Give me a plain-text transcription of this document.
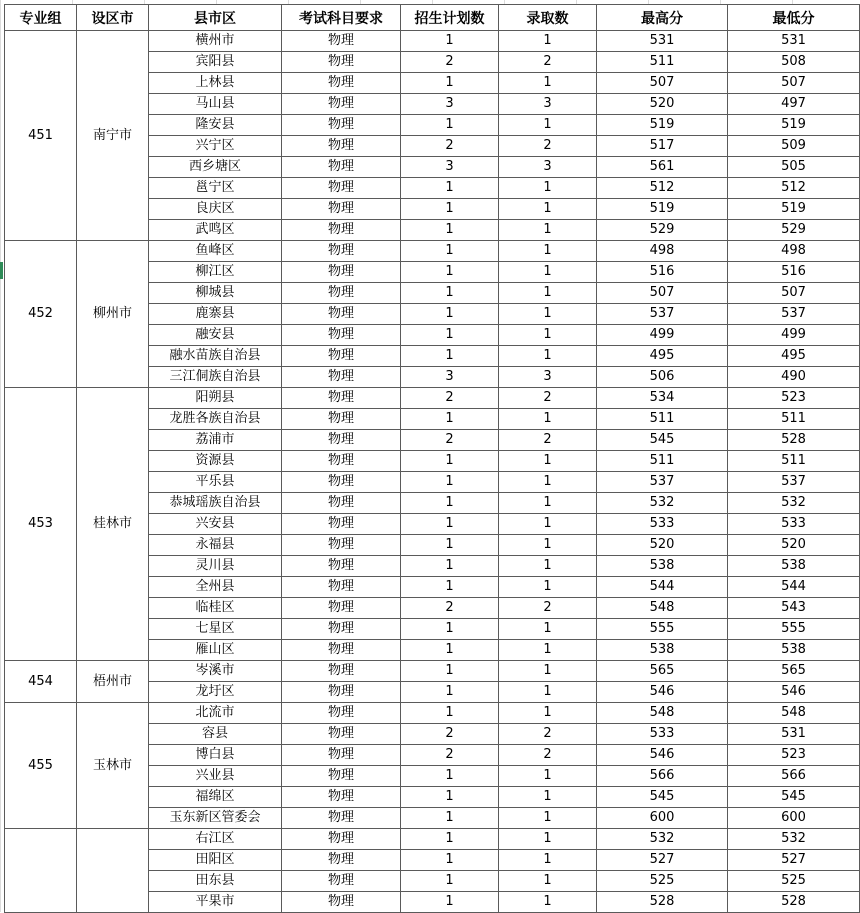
专业组	设区市	县市区	考试科目要求	招生计划数	录取数	最高分	最低分
451	南宁市	横州市	物理	1	1	531	531
		宾阳县	物理	2	2	511	508
		上林县	物理	1	1	507	507
		马山县	物理	3	3	520	497
		隆安县	物理	1	1	519	519
		兴宁区	物理	2	2	517	509
		西乡塘区	物理	3	3	561	505
		邕宁区	物理	1	1	512	512
		良庆区	物理	1	1	519	519
		武鸣区	物理	1	1	529	529
452	柳州市	鱼峰区	物理	1	1	498	498
		柳江区	物理	1	1	516	516
		柳城县	物理	1	1	507	507
		鹿寨县	物理	1	1	537	537
		融安县	物理	1	1	499	499
		融水苗族自治县	物理	1	1	495	495
		三江侗族自治县	物理	3	3	506	490
453	桂林市	阳朔县	物理	2	2	534	523
		龙胜各族自治县	物理	1	1	511	511
		荔浦市	物理	2	2	545	528
		资源县	物理	1	1	511	511
		平乐县	物理	1	1	537	537
		恭城瑶族自治县	物理	1	1	532	532
		兴安县	物理	1	1	533	533
		永福县	物理	1	1	520	520
		灵川县	物理	1	1	538	538
		全州县	物理	1	1	544	544
		临桂区	物理	2	2	548	543
		七星区	物理	1	1	555	555
		雁山区	物理	1	1	538	538
454	梧州市	岑溪市	物理	1	1	565	565
		龙圩区	物理	1	1	546	546
455	玉林市	北流市	物理	1	1	548	548
		容县	物理	2	2	533	531
		博白县	物理	2	2	546	523
		兴业县	物理	1	1	566	566
		福绵区	物理	1	1	545	545
		玉东新区管委会	物理	1	1	600	600
		右江区	物理	1	1	532	532
		田阳区	物理	1	1	527	527
		田东县	物理	1	1	525	525
		平果市	物理	1	1	528	528
